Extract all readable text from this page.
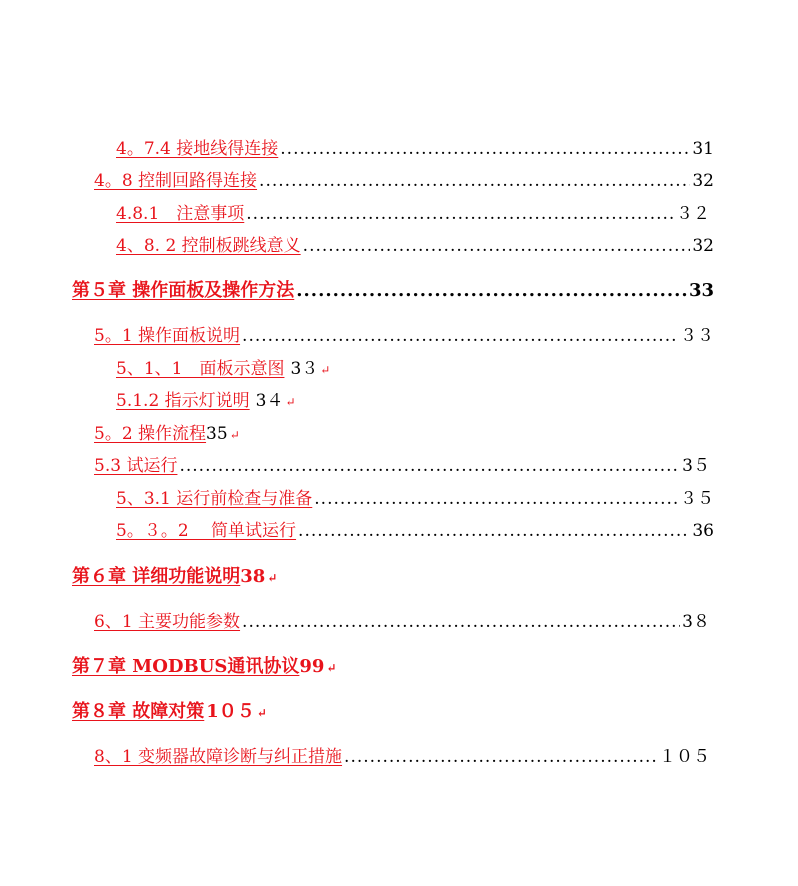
4。7.4 接地线得连接 .....	31
4。8 控制回路得连接 .....	32
4.8.1　注意事项 .....	３２
4、8. 2 控制板跳线意义 .....	32
第５章 操作面板及操作方法 .....	33
5。1 操作面板说明 .....	３３
5、1、1　面板示意图 3３ ↵
5.1.2 指示灯说明 3４ ↵
5。2 操作流程 35 ↵
5.3 试运行 .....	3５
5、3.1 运行前检查与准备 .....	３５
5。３。2　 简单试运行 .....	36
第６章 详细功能说明 38 ↵
6、1 主要功能参数 .....	3８
第７章 MODBUS通讯协议 99 ↵
第８章 故障对策 1０５ ↵
8、1 变频器故障诊断与纠正措施 .....	１０５
